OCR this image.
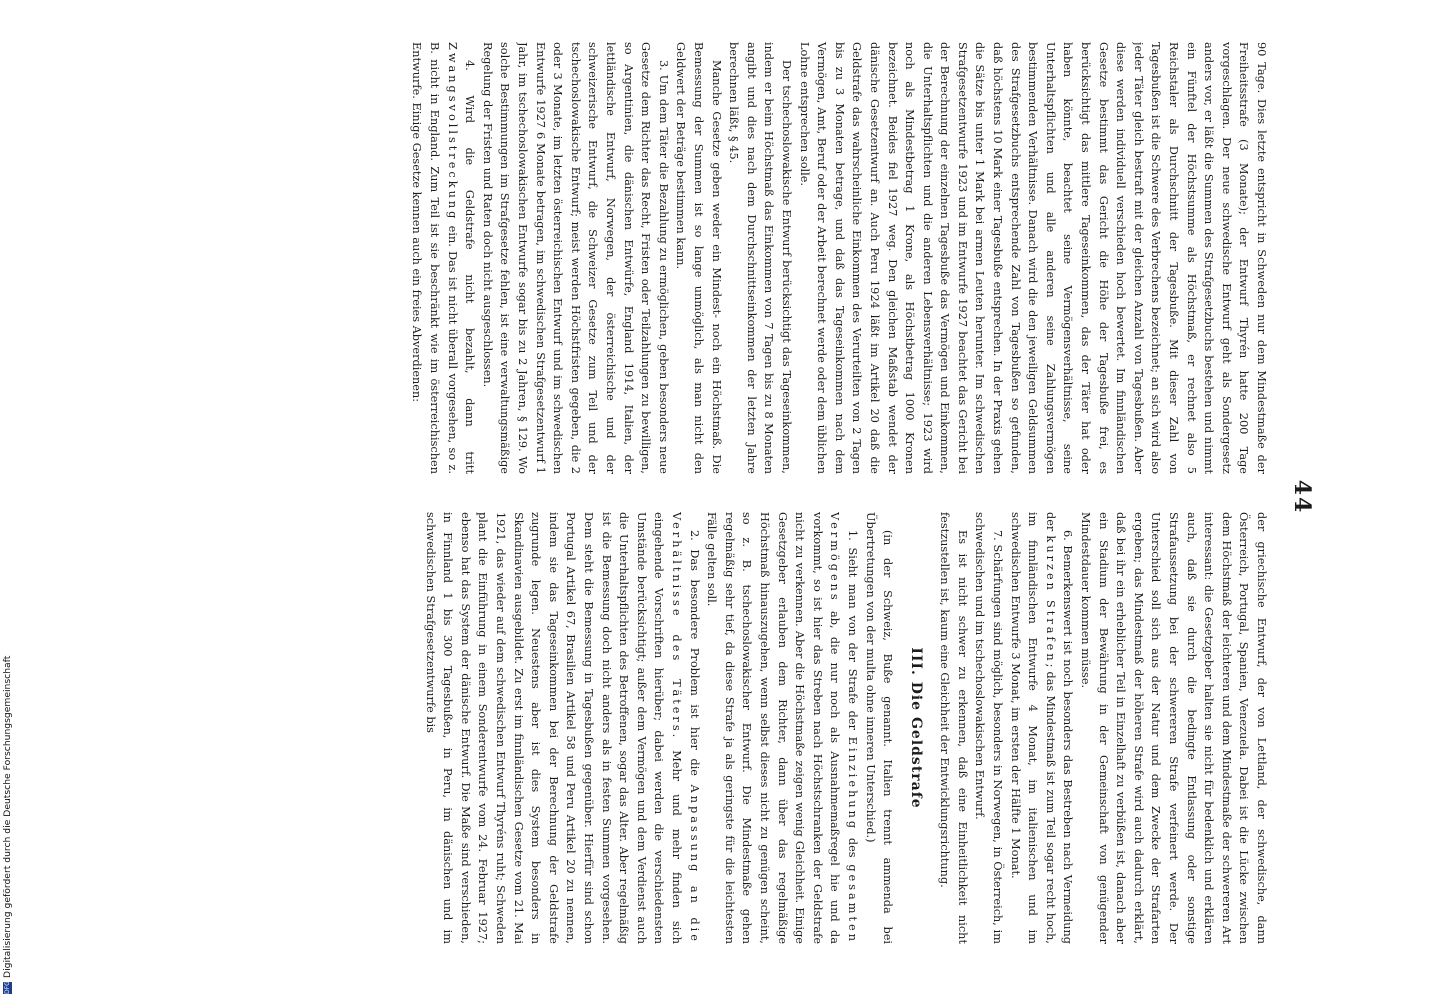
44

90 Tage. Dies letzte entspricht in Schweden nur dem Mindestmaße der Freiheitsstrafe (3 Monate); der Entwurf Thyrén hatte 200 Tage vorgeschlagen. Der neue schwedische Entwurf geht als Sondergesetz anders vor, er läßt die Summen des Strafgesetzbuchs bestehen und nimmt ein Fünftel der Höchstsumme als Höchstmaß, er rechnet also 5 Reichstaler als Durchschnitt der Tagesbuße. Mit dieser Zahl von Tagesbußen ist die Schwere des Verbrechens bezeichnet; an sich wird also jeder Täter gleich bestraft mit der gleichen Anzahl von Tagesbußen. Aber diese werden individuell verschieden hoch bewertet. Im finnländischen Gesetze bestimmt das Gericht die Höhe der Tagesbuße frei, es berücksichtigt das mittlere Tageseinkommen, das der Täter hat oder haben könnte, beachtet seine Vermögensverhältnisse, seine Unterhaltspflichten und alle anderen seine Zahlungsvermögen bestimmenden Verhältnisse. Danach wird die den jeweiligen Geldsummen des Strafgesetzbuchs entsprechende Zahl von Tagesbußen so gefunden, daß höchstens 10 Mark einer Tagesbuße entsprechen. In der Praxis gehen die Sätze bis unter 1 Mark bei armen Leuten herunter. Im schwedischen Strafgesetzentwurfe 1923 und im Entwurfe 1927 beachtet das Gericht bei der Berechnung der einzelnen Tagesbuße das Vermögen und Einkommen, die Unterhaltspflichten und die anderen Lebensverhältnisse; 1923 wird noch als Mindestbetrag 1 Krone, als Höchstbetrag 1000 Kronen bezeichnet. Beides fiel 1927 weg. Den gleichen Maßstab wendet der dänische Gesetzentwurf an. Auch Peru 1924 läßt im Artikel 20 daß die Geldstrafe das wahrscheinliche Einkommen des Verurteilten von 2 Tagen bis zu 3 Monaten betrage, und daß das Tageseinkommen nach dem Vermögen, Amt, Beruf oder der Arbeit berechnet werde oder dem üblichen Lohne entsprechen solle.

Der tschechoslowakische Entwurf berücksichtigt das Tageseinkommen, indem er beim Höchstmaß das Einkommen von 7 Tagen bis zu 8 Monaten angibt und dies nach dem Durchschnittseinkommen der letzten Jahre berechnen läßt, § 45.

Manche Gesetze geben weder ein Mindest- noch ein Höchstmaß. Die Bemessung der Summen ist so lange unmöglich, als man nicht den Geldwert der Beträge bestimmen kann.

3. Um dem Täter die Bezahlung zu ermöglichen, geben besonders neue Gesetze dem Richter das Recht, Fristen oder Teilzahlungen zu bewilligen, so Argentinien, die dänischen Entwürfe, England 1914, Italien, der lettländische Entwurf, Norwegen, der österreichische und der schweizerische Entwurf, die Schweizer Gesetze zum Teil und der tschechoslowakische Entwurf; meist werden Höchstfristen gegeben, die 2 oder 3 Monate, im letzten österreichischen Entwurf und im schwedischen Entwurfe 1927 6 Monate betragen, im schwedischen Strafgesetzentwurf 1 Jahr, im tschechoslowakischen Entwurfe sogar bis zu 2 Jahren, § 129. Wo solche Bestimmungen im Strafgesetze fehlen, ist eine verwaltungsmäßige Regelung der Fristen und Raten doch nicht ausgeschlossen.

4. Wird die Geldstrafe nicht bezahlt, dann tritt Zwangsvollstreckung ein. Das ist nicht überall vorgesehen, so z. B. nicht in England. Zum Teil ist sie beschränkt wie im österreichischen Entwurfe. Einige Gesetze kennen auch ein freies Abverdienen:

der griechische Entwurf, der von Lettland, der schwedische, dann Österreich, Portugal, Spanien, Venezuela. Dabei ist die Lücke zwischen dem Höchstmaß der leichteren und dem Mindestmaße der schwereren Art interessant: die Gesetzgeber halten sie nicht für bedenklich und erklären auch, daß sie durch die bedingte Entlassung oder sonstige Strafaussetzung bei der schwereren Strafe verfeinert werde. Der Unterschied soll sich aus der Natur und dem Zwecke der Strafarten ergeben; das Mindestmaß der höheren Strafe wird auch dadurch erklärt, daß bei ihr ein erheblicher Teil in Einzelhaft zu verbüßen ist, danach aber ein Stadium der Bewährung in der Gemeinschaft von genügender Mindestdauer kommen müsse.

6. Bemerkenswert ist noch besonders das Bestreben nach Vermeidung der kurzen Strafen; das Mindestmaß ist zum Teil sogar recht hoch, im finnländischen Entwurfe 4 Monat, im italienischen und im schwedischen Entwurfe 3 Monat, im ersten der Hälfte 1 Monat.

7. Schärfungen sind möglich, besonders in Norwegen, in Österreich, im schwedischen und im tschechoslowakischen Entwurf.

Es ist nicht schwer zu erkennen, daß eine Einheitlichkeit nicht festzustellen ist, kaum eine Gleichheit der Entwicklungsrichtung.

III. Die Geldstrafe

(in der Schweiz, Buße genannt. Italien trennt ammenda bei Übertretungen von der multa ohne inneren Unterschied.)

1. Sieht man von der Strafe der Einziehung des gesamten Vermögens ab, die nur noch als Ausnahmemaßregel hie und da vorkommt, so ist hier das Streben nach Höchstschranken der Geldstrafe nicht zu verkennen. Aber die Höchstmaße zeigen wenig Gleichheit. Einige Gesetzgeber erlauben dem Richter, dann über das regelmäßige Höchstmaß hinauszugehen, wenn selbst dieses nicht zu genügen scheint, so z. B. tschechoslowakischer Entwurf. Die Mindestmaße gehen regelmäßig sehr tief, da diese Strafe ja als geringste für die leichtesten Fälle gelten soll.

2. Das besondere Problem ist hier die Anpassung an die Verhältnisse des Täters. Mehr und mehr finden sich eingehende Vorschriften hierüber; dabei werden die verschiedensten Umstände berücksichtigt; außer dem Vermögen und dem Verdienst auch die Unterhaltspflichten des Betroffenen, sogar das Alter. Aber regelmäßig ist die Bemessung doch nicht anders als in festen Summen vorgesehen. Dem steht die Bemessung in Tagesbußen gegenüber. Hierfür sind schon Portugal Artikel 67, Brasilien Artikel 58 und Peru Artikel 20 zu nennen, indem sie das Tageseinkommen bei der Berechnung der Geldstrafe zugrunde legen. Neuestens aber ist dies System besonders in Skandinavien ausgebildet. Zu erst im finnländischen Gesetze vom 21. Mai 1921, das wieder auf dem schwedischen Entwurf Thyréns ruht; Schweden plant die Einführung in einem Sonderentwurfe vom 24. Februar 1927; ebenso hat das System der dänische Entwurf. Die Maße sind verschieden, in Finnland 1 bis 300 Tagesbußen, in Peru, im dänischen und im schwedischen Strafgesetzentwurfe bis

DFGDigitalisierung gefördert durch die Deutsche Forschungsgemeinschaft
